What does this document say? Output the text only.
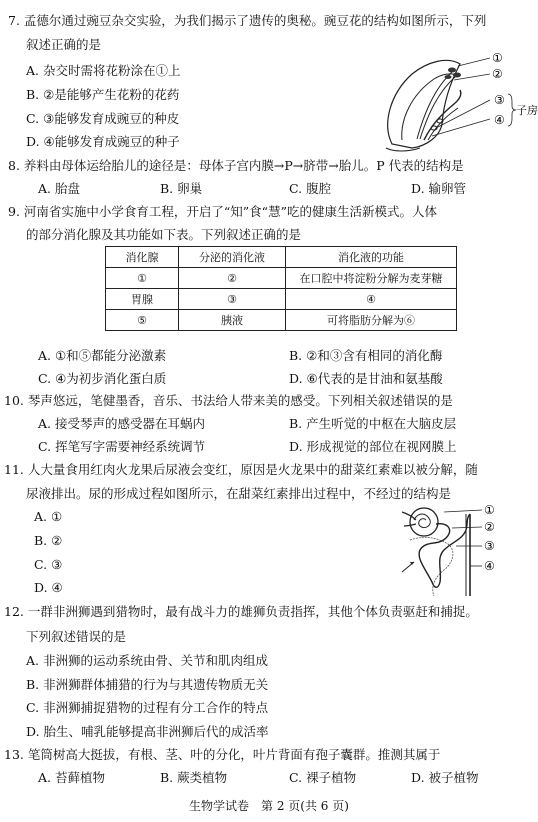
7. 孟德尔通过豌豆杂交实验，为我们揭示了遗传的奥秘。豌豆花的结构如图所示，下列
叙述正确的是
A. 杂交时需将花粉涂在①上
B. ②是能够产生花粉的花药
C. ③能够发育成豌豆的种皮
D. ④能够发育成豌豆的种子
①
②
③
④
子房
8. 养料由母体运给胎儿的途径是：母体子宫内膜→P→脐带→胎儿。P 代表的结构是
A. 胎盘	B. 卵巢	C. 腹腔	D. 输卵管
9. 河南省实施中小学食育工程，开启了“知”食“慧”吃的健康生活新模式。人体
的部分消化腺及其功能如下表。下列叙述正确的是
消化腺	分泌的消化液	消化液的功能
①	②	在口腔中将淀粉分解为麦芽糖
胃腺	③	④
⑤	胰液	可将脂肪分解为⑥
A. ①和⑤都能分泌激素	B. ②和③含有相同的消化酶
C. ④为初步消化蛋白质	D. ⑥代表的是甘油和氨基酸
10. 琴声悠远，笔健墨香，音乐、书法给人带来美的感受。下列相关叙述错误的是
A. 接受琴声的感受器在耳蜗内	B. 产生听觉的中枢在大脑皮层
C. 挥笔写字需要神经系统调节	D. 形成视觉的部位在视网膜上
11. 人大量食用红肉火龙果后尿液会变红，原因是火龙果中的甜菜红素难以被分解，随
尿液排出。尿的形成过程如图所示，在甜菜红素排出过程中，不经过的结构是
A. ①
B. ②
C. ③
D. ④
①
②
③
④
12. 一群非洲狮遇到猎物时，最有战斗力的雄狮负责指挥，其他个体负责驱赶和捕捉。
下列叙述错误的是
A. 非洲狮的运动系统由骨、关节和肌肉组成
B. 非洲狮群体捕猎的行为与其遗传物质无关
C. 非洲狮捕捉猎物的过程有分工合作的特点
D. 胎生、哺乳能够提高非洲狮后代的成活率
13. 笔筒树高大挺拔，有根、茎、叶的分化，叶片背面有孢子囊群。推测其属于
A. 苔藓植物	B. 蕨类植物	C. 裸子植物	D. 被子植物
生物学试卷　第 2 页(共 6 页)
